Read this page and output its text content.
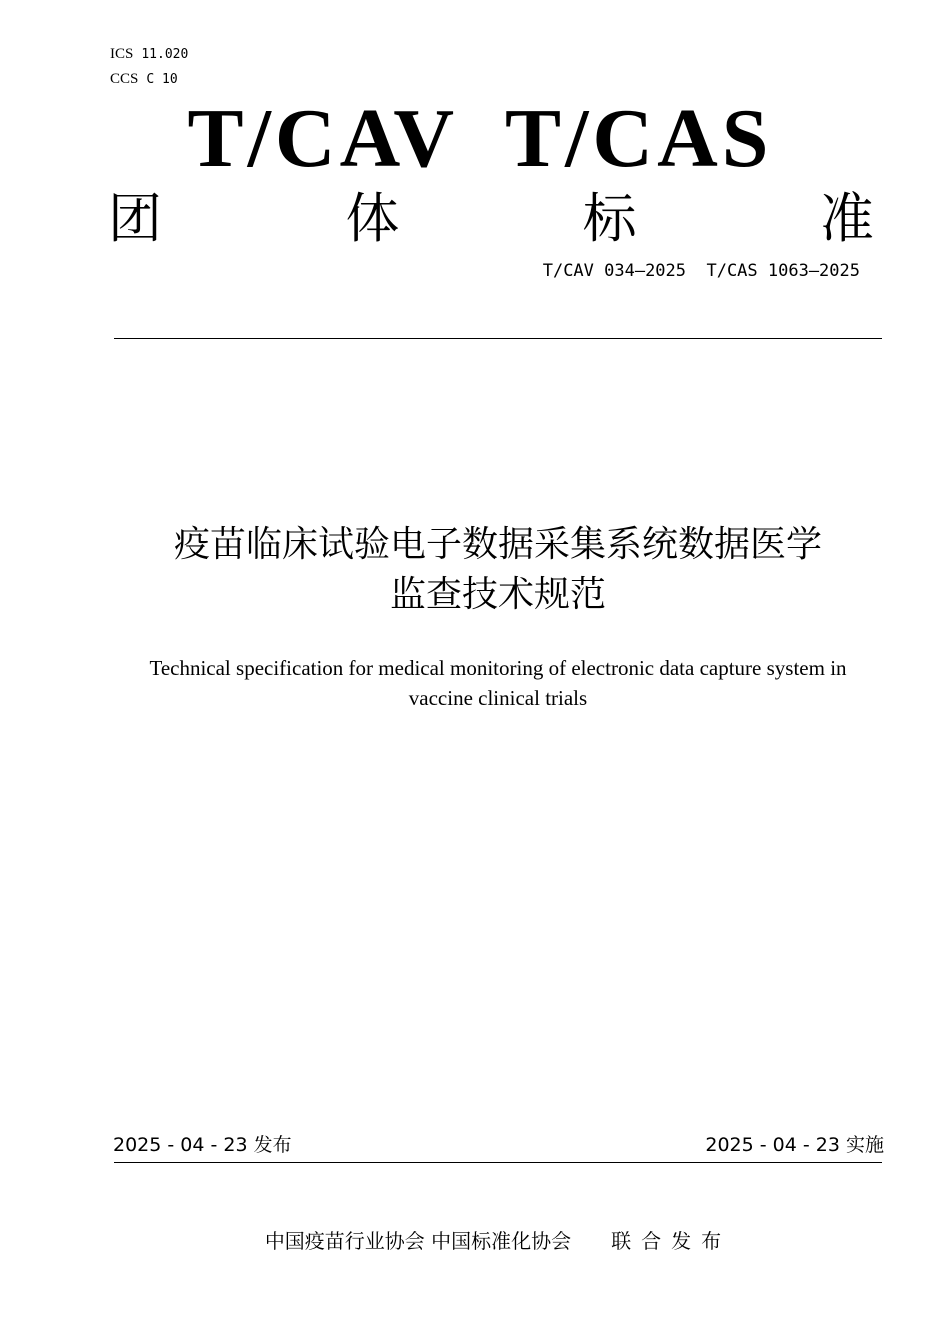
ICS 11.020
CCS C 10
T/CAV  T/CAS
团	体	标	准
T/CAV 034—2025  T/CAS 1063—2025
疫苗临床试验电子数据采集系统数据医学
监查技术规范
Technical specification for medical monitoring of electronic data capture system in
vaccine clinical trials
2025 - 04 - 23 发布	2025 - 04 - 23 实施
中国疫苗行业协会 中国标准化协会 联合发布
